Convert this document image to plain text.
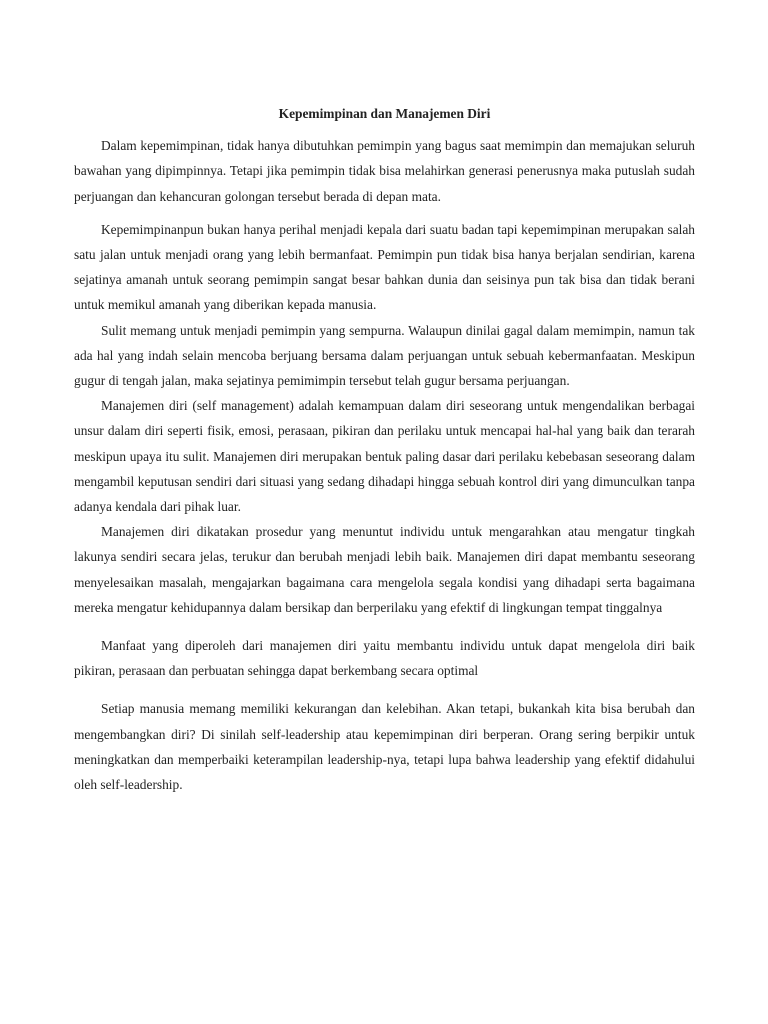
Kepemimpinan dan Manajemen Diri

Dalam kepemimpinan, tidak hanya dibutuhkan pemimpin yang bagus saat memimpin dan memajukan seluruh bawahan yang dipimpinnya. Tetapi jika pemimpin tidak bisa melahirkan generasi penerusnya maka putuslah sudah perjuangan dan kehancuran golongan tersebut berada di depan mata.

Kepemimpinanpun bukan hanya perihal menjadi kepala dari suatu badan tapi kepemimpinan merupakan salah satu jalan untuk menjadi orang yang lebih bermanfaat. Pemimpin pun tidak bisa hanya berjalan sendirian, karena sejatinya amanah untuk seorang pemimpin sangat besar bahkan dunia dan seisinya pun tak bisa dan tidak berani untuk memikul amanah yang diberikan kepada manusia.

Sulit memang untuk menjadi pemimpin yang sempurna. Walaupun dinilai gagal dalam memimpin, namun tak ada hal yang indah selain mencoba berjuang bersama dalam perjuangan untuk sebuah kebermanfaatan. Meskipun gugur di tengah jalan, maka sejatinya pemimimpin tersebut telah gugur bersama perjuangan.

Manajemen diri (self management) adalah kemampuan dalam diri seseorang untuk mengendalikan berbagai unsur dalam diri seperti fisik, emosi, perasaan, pikiran dan perilaku untuk mencapai hal-hal yang baik dan terarah meskipun upaya itu sulit. Manajemen diri merupakan bentuk paling dasar dari perilaku kebebasan seseorang dalam mengambil keputusan sendiri dari situasi yang sedang dihadapi hingga sebuah kontrol diri yang dimunculkan tanpa adanya kendala dari pihak luar.

Manajemen diri dikatakan prosedur yang menuntut individu untuk mengarahkan atau mengatur tingkah lakunya sendiri secara jelas, terukur dan berubah menjadi lebih baik. Manajemen diri dapat membantu seseorang menyelesaikan masalah, mengajarkan bagaimana cara mengelola segala kondisi yang dihadapi serta bagaimana mereka mengatur kehidupannya dalam bersikap dan berperilaku yang efektif di lingkungan tempat tinggalnya

Manfaat yang diperoleh dari manajemen diri yaitu membantu individu untuk dapat mengelola diri baik pikiran, perasaan dan perbuatan sehingga dapat berkembang secara optimal

Setiap manusia memang memiliki kekurangan dan kelebihan. Akan tetapi, bukankah kita bisa berubah dan mengembangkan diri? Di sinilah self-leadership atau kepemimpinan diri berperan. Orang sering berpikir untuk meningkatkan dan memperbaiki keterampilan leadership-nya, tetapi lupa bahwa leadership yang efektif didahului oleh self-leadership.
